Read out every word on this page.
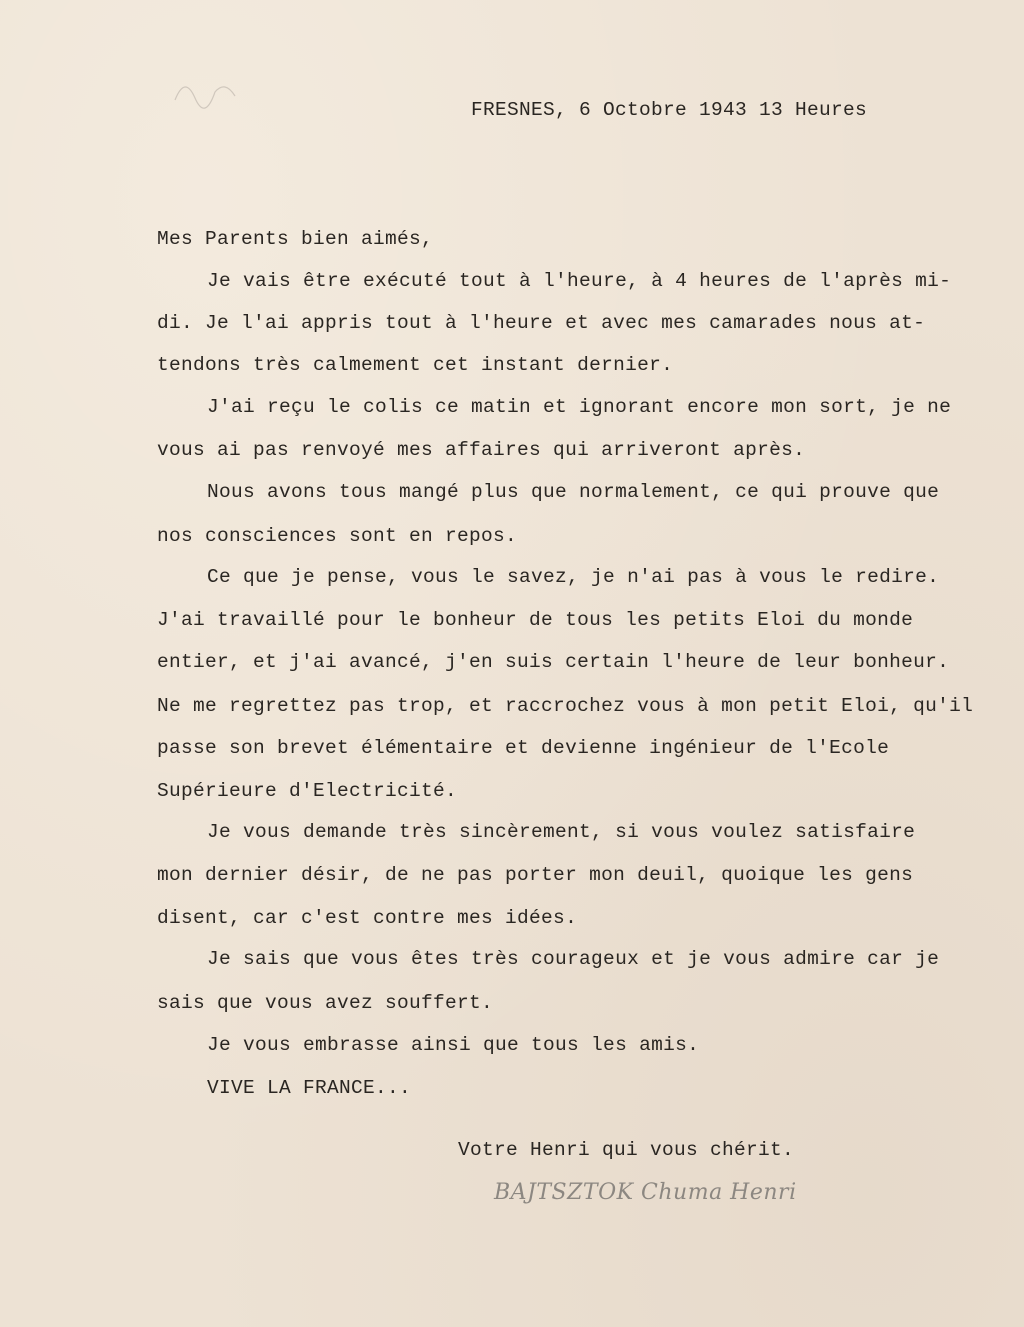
FRESNES, 6 Octobre 1943 13 Heures
Mes Parents bien aimés,
Je vais être exécuté tout à l'heure, à 4 heures de l'après mi-
di. Je l'ai appris tout à l'heure et avec mes camarades nous at-
tendons très calmement cet instant dernier.
J'ai reçu le colis ce matin et ignorant encore mon sort, je ne
vous ai pas renvoyé mes affaires qui arriveront après.
Nous avons tous mangé plus que normalement, ce qui prouve que
nos consciences sont en repos.
Ce que je pense, vous le savez, je n'ai pas à vous le redire.
J'ai travaillé pour le bonheur de tous les petits Eloi du monde
entier, et j'ai avancé, j'en suis certain l'heure de leur bonheur.
Ne me regrettez pas trop, et raccrochez vous à mon petit Eloi, qu'il
passe son brevet élémentaire et devienne ingénieur de l'Ecole
Supérieure d'Electricité.
Je vous demande très sincèrement, si vous voulez satisfaire
mon dernier désir, de ne pas porter mon deuil, quoique les gens
disent, car c'est contre mes idées.
Je sais que vous êtes très courageux et je vous admire car je
sais que vous avez souffert.
Je vous embrasse ainsi que tous les amis.
VIVE LA FRANCE...
Votre Henri qui vous chérit.
BAJTSZTOK Chuma Henri
